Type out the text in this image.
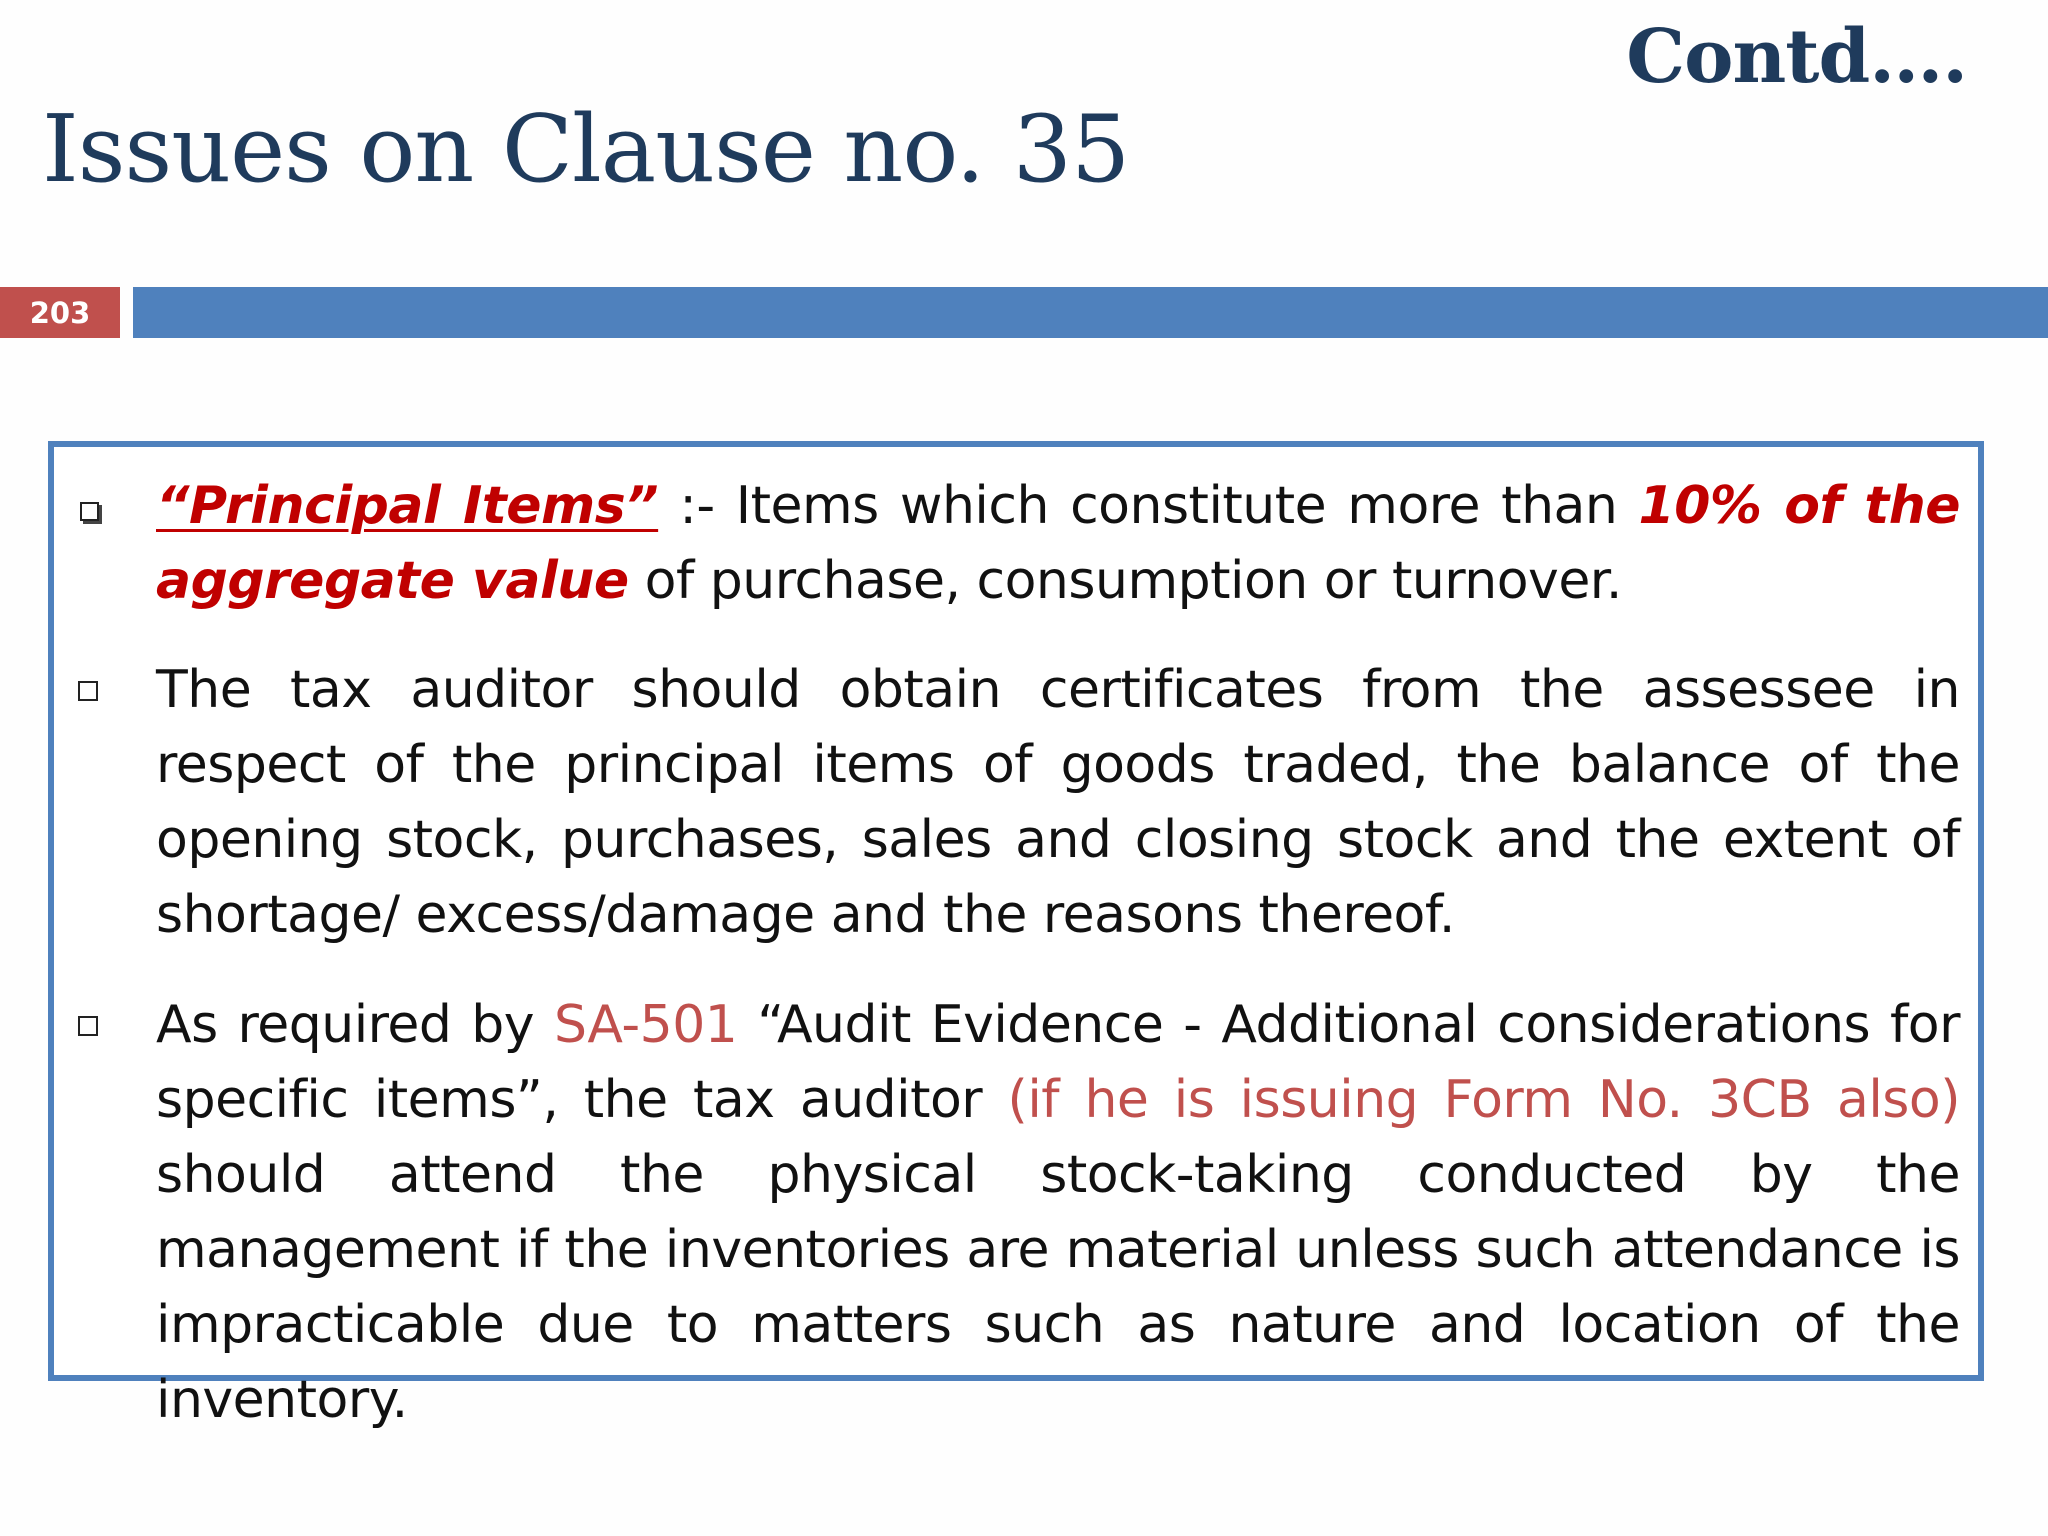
Contd….
Issues on Clause no. 35
203
“Principal Items” :- Items which constitute more than 10% of the aggregate value of purchase, consumption or turnover.
The tax auditor should obtain certificates from the assessee in respect of the principal items of goods traded, the balance of the opening stock, purchases, sales and closing stock and the extent of shortage/ excess/damage and the reasons thereof.
As required by SA-501 “Audit Evidence - Additional considerations for specific items”, the tax auditor (if he is issuing Form No. 3CB also) should attend the physical stock-taking conducted by the management if the inventories are material unless such attendance is impracticable due to matters such as nature and location of the inventory.
